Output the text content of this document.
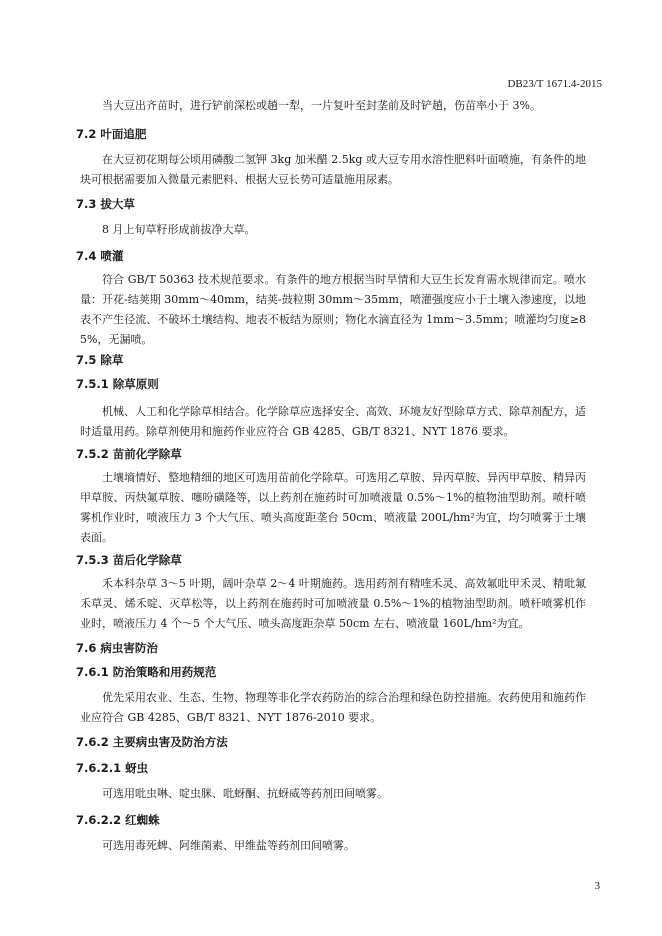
DB23/T 1671.4-2015
当大豆出齐苗时，进行铲前深松或趟一犁，一片复叶至封垄前及时铲趟，伤苗率小于 3%。
7.2 叶面追肥
在大豆初花期每公顷用磷酸二氢钾 3kg 加米醋 2.5kg 或大豆专用水溶性肥料叶面喷施，有条件的地块可根据需要加入微量元素肥料、根据大豆长势可适量施用尿素。
7.3 拔大草
8 月上旬草籽形成前拔净大草。
7.4 喷灌
符合 GB/T 50363 技术规范要求。有条件的地方根据当时旱情和大豆生长发育需水规律而定。喷水量：开花-结荚期 30mm～40mm，结荚-鼓粒期 30mm～35mm，喷灌强度应小于土壤入渗速度，以地表不产生径流、不破坏土壤结构、地表不板结为原则；物化水滴直径为 1mm～3.5mm；喷灌均匀度≥85%，无漏喷。
7.5 除草
7.5.1 除草原则
机械、人工和化学除草相结合。化学除草应选择安全、高效、环境友好型除草方式、除草剂配方，适时适量用药。除草剂使用和施药作业应符合 GB 4285、GB/T 8321、NYT 1876 要求。
7.5.2 苗前化学除草
土壤墒情好、整地精细的地区可选用苗前化学除草。可选用乙草胺、异丙草胺、异丙甲草胺、精异丙甲草胺、丙炔氟草胺、噻吩磺隆等，以上药剂在施药时可加喷液量 0.5%～1%的植物油型助剂。喷杆喷雾机作业时，喷液压力 3 个大气压、喷头高度距垄台 50cm、喷液量 200L/hm²为宜，均匀喷雾于土壤表面。
7.5.3 苗后化学除草
禾本科杂草 3～5 叶期，阔叶杂草 2～4 叶期施药。选用药剂有精喹禾灵、高效氟吡甲禾灵、精吡氟禾草灵、烯禾啶、灭草松等，以上药剂在施药时可加喷液量 0.5%～1%的植物油型助剂。喷杆喷雾机作业时，喷液压力 4 个～5 个大气压、喷头高度距杂草 50cm 左右、喷液量 160L/hm²为宜。
7.6 病虫害防治
7.6.1 防治策略和用药规范
优先采用农业、生态、生物、物理等非化学农药防治的综合治理和绿色防控措施。农药使用和施药作业应符合 GB 4285、GB/T 8321、NYT 1876-2010 要求。
7.6.2 主要病虫害及防治方法
7.6.2.1 蚜虫
可选用吡虫啉、啶虫脒、吡蚜酮、抗蚜威等药剂田间喷雾。
7.6.2.2 红蜘蛛
可选用毒死蜱、阿维菌素、甲维盐等药剂田间喷雾。
3
